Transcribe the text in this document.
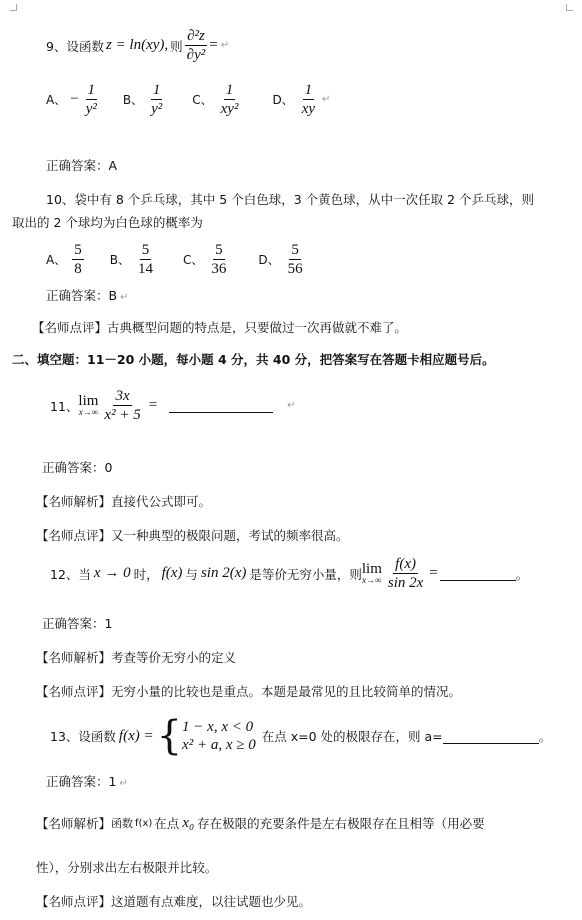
9、设函数 z = ln(xy), 则 $\frac{\text{∂²z}}{\text{∂y²}}$ = ↵
A、 − $\frac{1}{\text{y²}}$ B、 $\frac{1}{\text{y²}}$ C、 $\frac{1}{\text{xy²}}$	D、 $\frac{1}{xy}$ ↵
正确答案：A
10、袋中有 8 个乒乓球，其中 5 个白色球，3 个黄色球，从中一次任取 2 个乒乓球，则
取出的 2 个球均为白色球的概率为
A、 $\frac{5}{8}$ B、 $\frac{5}{14}$ C、 $\frac{5}{36}$	D、 $\frac{5}{56}$
正确答案：B ↵
【名师点评】古典概型问题的特点是，只要做过一次再做就不难了。
二、填空题：11－20 小题，每小题 4 分，共 40 分，把答案写在答题卡相应题号后。
11、 lim
$x\to\infty \frac{3x}{\text{x² + 5}}$ =	↵
正确答案：0
【名师解析】直接代公式即可。
【名师点评】又一种典型的极限问题，考试的频率很高。
12、当 x → 0 时， f(x) 与 sin 2(x) 是等价无穷小量，则 lim
$x\to\infty \frac{f(x)}{\sin 2x}$ =	。
正确答案：1
【名师解析】考查等价无穷小的定义
【名师点评】无穷小量的比较也是重点。本题是最常见的且比较简单的情况。
13、设函数 f(x) = { 1 − x, x < 0
x² + a, x ≥ 0
在点 x=0 处的极限存在，则 a=	。
正确答案：1 ↵
【名师解析】 函数 f(x) 在点 x₀ 存在极限的充要条件是左右极限存在且相等（用必要
性），分别求出左右极限并比较。
【名师点评】这道题有点难度，以往试题也少见。
